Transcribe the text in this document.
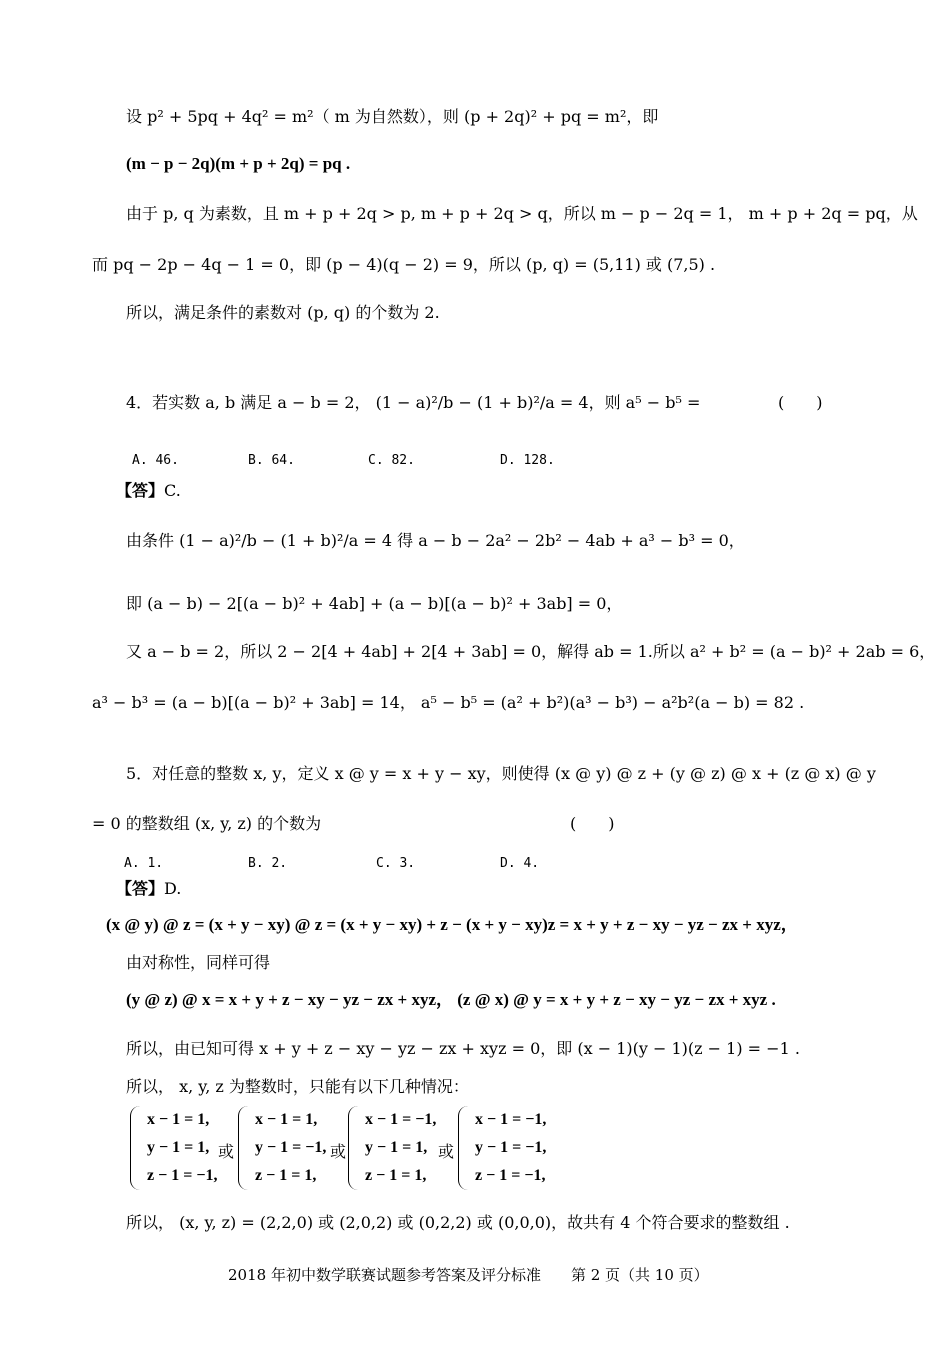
设 p² + 5pq + 4q² = m²（ m 为自然数），则 (p + 2q)² + pq = m²，即
(m − p − 2q)(m + p + 2q) = pq .
由于 p, q 为素数，且 m + p + 2q > p, m + p + 2q > q，所以 m − p − 2q = 1， m + p + 2q = pq，从
而 pq − 2p − 4q − 1 = 0，即 (p − 4)(q − 2) = 9，所以 (p, q) = (5,11) 或 (7,5) .
所以，满足条件的素数对 (p, q) 的个数为 2.
4．若实数 a, b 满足 a − b = 2， (1 − a)²/b − (1 + b)²/a = 4，则 a⁵ − b⁵ =	(　　)
A. 46.	B. 64.	C. 82.	D. 128.
【答】C.
由条件 (1 − a)²/b − (1 + b)²/a = 4 得 a − b − 2a² − 2b² − 4ab + a³ − b³ = 0，
即 (a − b) − 2[(a − b)² + 4ab] + (a − b)[(a − b)² + 3ab] = 0，
又 a − b = 2，所以 2 − 2[4 + 4ab] + 2[4 + 3ab] = 0，解得 ab = 1.所以 a² + b² = (a − b)² + 2ab = 6，
a³ − b³ = (a − b)[(a − b)² + 3ab] = 14， a⁵ − b⁵ = (a² + b²)(a³ − b³) − a²b²(a − b) = 82 .
5．对任意的整数 x, y，定义 x @ y = x + y − xy，则使得 (x @ y) @ z + (y @ z) @ x + (z @ x) @ y
= 0 的整数组 (x, y, z) 的个数为	(　　)
A. 1.	B. 2.	C. 3.	D. 4.
【答】D.
(x @ y) @ z = (x + y − xy) @ z = (x + y − xy) + z − (x + y − xy)z = x + y + z − xy − yz − zx + xyz，
由对称性，同样可得
(y @ z) @ x = x + y + z − xy − yz − zx + xyz， (z @ x) @ y = x + y + z − xy − yz − zx + xyz .
所以，由已知可得 x + y + z − xy − yz − zx + xyz = 0，即 (x − 1)(y − 1)(z − 1) = −1 .
所以， x, y, z 为整数时，只能有以下几种情况：
x − 1 = 1,
y − 1 = 1,
z − 1 = −1,
或
x − 1 = 1,
y − 1 = −1,
z − 1 = 1,
或
x − 1 = −1,
y − 1 = 1,
z − 1 = 1,
或
x − 1 = −1,
y − 1 = −1,
z − 1 = −1,
所以， (x, y, z) = (2,2,0) 或 (2,0,2) 或 (0,2,2) 或 (0,0,0)，故共有 4 个符合要求的整数组 .
2018 年初中数学联赛试题参考答案及评分标准　　第 2 页（共 10 页）
